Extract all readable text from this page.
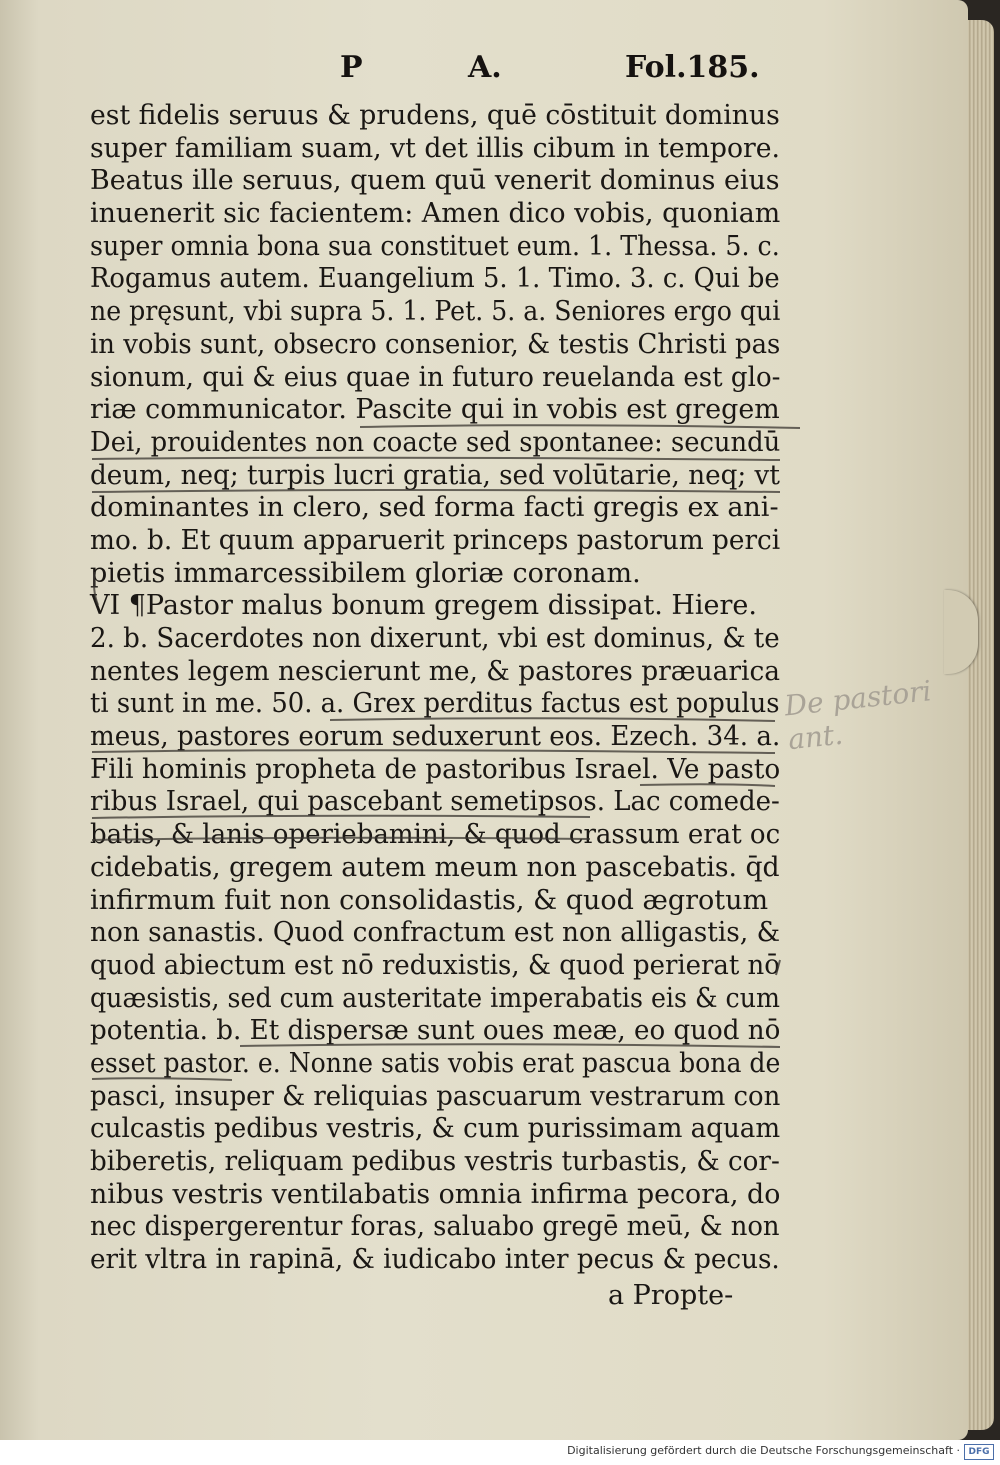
P	A.	Fol.185.
est fidelis seruus & prudens, quē cōstituit dominus
super familiam suam, vt det illis cibum in tempore.
Beatus ille seruus, quem quū venerit dominus eius
inuenerit sic facientem: Amen dico vobis, quoniam
super omnia bona sua constituet eum. 1. Thessa. 5. c.
Rogamus autem. Euangelium 5. 1. Timo. 3. c. Qui be
ne pręsunt, vbi supra 5. 1. Pet. 5. a. Seniores ergo qui
in vobis sunt, obsecro consenior, & testis Christi pas
sionum, qui & eius quae in futuro reuelanda est glo-
riæ communicator. Pascite qui in vobis est gregem
Dei, prouidentes non coacte sed spontanee: secundū
deum, neq; turpis lucri gratia, sed volūtarie, neq; vt
dominantes in clero, sed forma facti gregis ex ani-
mo. b. Et quum apparuerit princeps pastorum perci
pietis immarcessibilem gloriæ coronam.
VI ¶Pastor malus bonum gregem dissipat. Hiere.
2. b. Sacerdotes non dixerunt, vbi est dominus, & te
nentes legem nescierunt me, & pastores præuarica
ti sunt in me. 50. a. Grex perditus factus est populus
meus, pastores eorum seduxerunt eos. Ezech. 34. a.
Fili hominis propheta de pastoribus Israel. Ve pasto
ribus Israel, qui pascebant semetipsos. Lac comede-
batis, & lanis operiebamini, & quod crassum erat oc
cidebatis, gregem autem meum non pascebatis. q̄d
infirmum fuit non consolidastis, & quod ægrotum
non sanastis. Quod confractum est non alligastis, &
quod abiectum est nō reduxistis, & quod perierat nō
quæsistis, sed cum austeritate imperabatis eis & cum
potentia. b. Et dispersæ sunt oues meæ, eo quod nō
esset pastor. e. Nonne satis vobis erat pascua bona de
pasci, insuper & reliquias pascuarum vestrarum con
culcastis pedibus vestris, & cum purissimam aquam
biberetis, reliquam pedibus vestris turbastis, & cor-
nibus vestris ventilabatis omnia infirma pecora, do
nec dispergerentur foras, saluabo gregē meū, & non
erit vltra in rapinā, & iudicabo inter pecus & pecus.
a Propte-
De pastori
ant.
Digitalisierung gefördert durch die Deutsche Forschungsgemeinschaft · DFG
